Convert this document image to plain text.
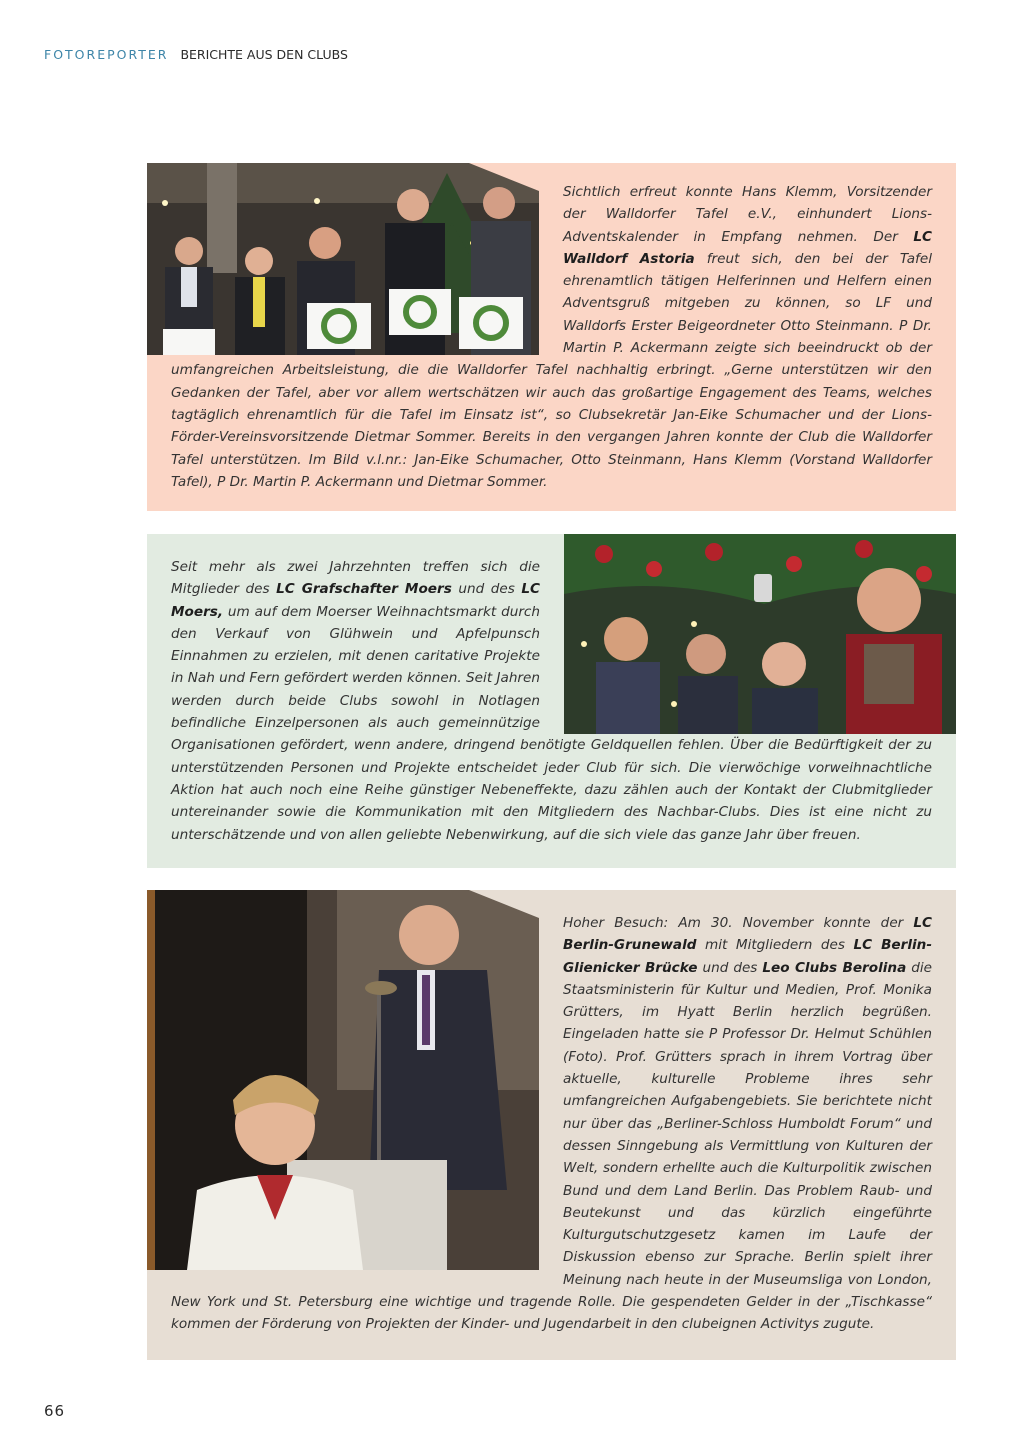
FOTOREPORTER BERICHTE AUS DEN CLUBS
Sichtlich erfreut konnte Hans Klemm, Vorsitzender der Walldorfer Tafel e.V., einhundert Lions- Adventskalender in Empfang nehmen. Der LC Walldorf Astoria freut sich, den bei der Tafel ehrenamtlich tätigen Helferinnen und Helfern einen Adventsgruß mitgeben zu können, so LF und Walldorfs Erster Beigeordneter Otto Steinmann. P Dr. Martin P. Ackermann zeigte sich beeindruckt ob der umfangreichen Arbeitsleistung, die die Walldorfer Tafel nachhaltig erbringt. „Gerne unterstützen wir den Gedanken der Tafel, aber vor allem wertschätzen wir auch das großartige Engagement des Teams, welches tagtäglich ehrenamtlich für die Tafel im Einsatz ist“, so Clubsekretär Jan-Eike Schumacher und der Lions-Förder-Vereinsvorsitzende Dietmar Sommer. Bereits in den vergangen Jahren konnte der Club die Walldorfer Tafel unterstützen. Im Bild v.l.nr.: Jan-Eike Schumacher, Otto Steinmann, Hans Klemm (Vorstand Walldorfer Tafel), P Dr. Martin P. Ackermann und Dietmar Sommer.
Seit mehr als zwei Jahrzehnten treffen sich die Mitglieder des LC Grafschafter Moers und des LC Moers, um auf dem Moerser Weihnachtsmarkt durch den Verkauf von Glühwein und Apfelpunsch Einnahmen zu erzielen, mit denen caritative Projekte in Nah und Fern gefördert werden können. Seit Jahren werden durch beide Clubs sowohl in Notlagen befindliche Einzelpersonen als auch gemeinnützige Organisationen gefördert, wenn andere, dringend benötigte Geldquellen fehlen. Über die Bedürftigkeit der zu unterstützenden Personen und Projekte entscheidet jeder Club für sich. Die vierwöchige vorweihnachtliche Aktion hat auch noch eine Reihe günstiger Nebeneffekte, dazu zählen auch der Kontakt der Clubmitglieder untereinander sowie die Kommunikation mit den Mitgliedern des Nachbar-Clubs. Dies ist eine nicht zu unterschätzende und von allen geliebte Nebenwirkung, auf die sich viele das ganze Jahr über freuen.
Hoher Besuch: Am 30. November konnte der LC Berlin-Grunewald mit Mitgliedern des LC Berlin-Glienicker Brücke und des Leo Clubs Berolina die Staatsministerin für Kultur und Medien, Prof. Monika Grütters, im Hyatt Berlin herzlich begrüßen. Eingeladen hatte sie P Professor Dr. Helmut Schühlen (Foto). Prof. Grütters sprach in ihrem Vortrag über aktuelle, kulturelle Probleme ihres sehr umfangreichen Aufgabengebiets. Sie berichtete nicht nur über das „Berliner-Schloss Humboldt Forum“ und dessen Sinngebung als Vermittlung von Kulturen der Welt, sondern erhellte auch die Kulturpolitik zwischen Bund und dem Land Berlin. Das Problem Raub- und Beutekunst und das kürzlich eingeführte Kulturgutschutzgesetz kamen im Laufe der Diskussion ebenso zur Sprache. Berlin spielt ihrer Meinung nach heute in der Museumsliga von London, New York und St. Petersburg eine wichtige und tragende Rolle. Die gespendeten Gelder in der „Tischkasse“ kommen der Förderung von Projekten der Kinder- und Jugendarbeit in den clubeignen Activitys zugute.
66
